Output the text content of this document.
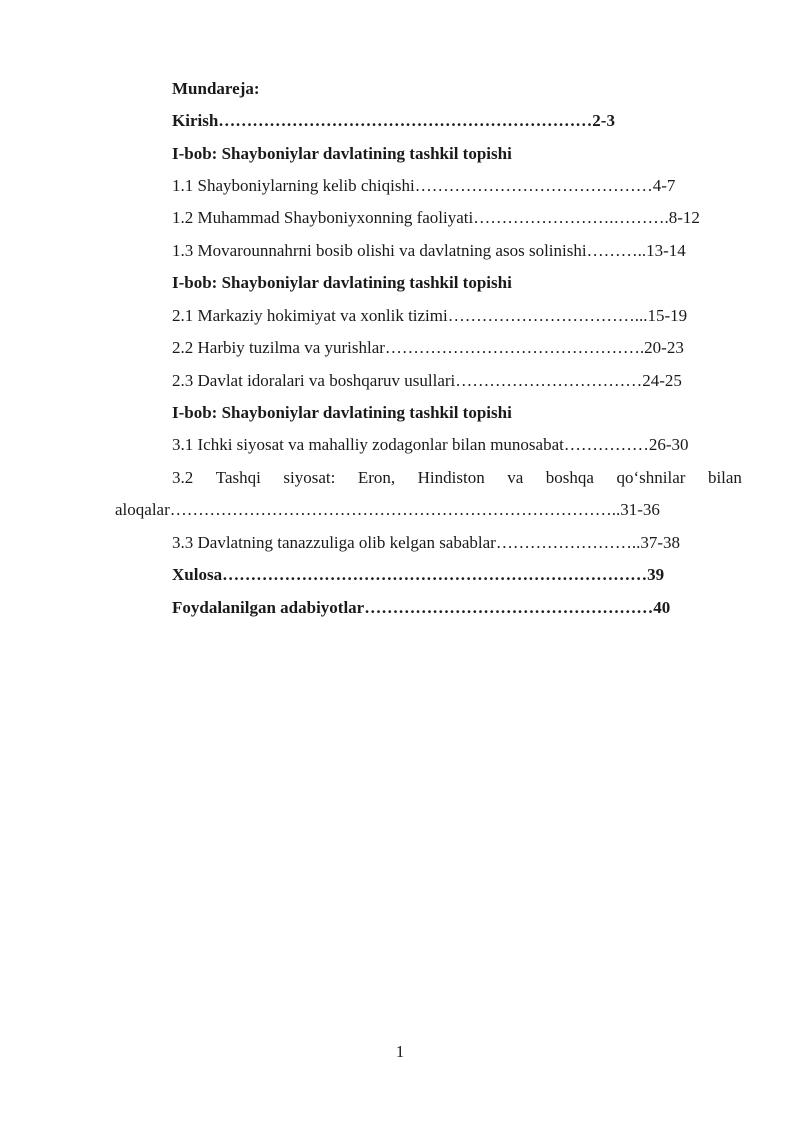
Mundareja:
Kirish…………………………………………………………2-3
I-bob: Shayboniylar davlatining tashkil topishi
1.1 Shayboniylarning kelib chiqishi……………………………………4-7
1.2 Muhammad Shayboniyxonning faoliyati…………………….……….8-12
1.3 Movarounnahrni bosib olishi va davlatning asos solinishi………..13-14
I-bob: Shayboniylar davlatining tashkil topishi
2.1 Markaziy hokimiyat va xonlik tizimi……………………………...15-19
2.2 Harbiy tuzilma va yurishlar……………………………………….20-23
2.3 Davlat idoralari va boshqaruv usullari……………………………24-25
I-bob: Shayboniylar davlatining tashkil topishi
3.1 Ichki siyosat va mahalliy zodagonlar bilan munosabat……………26-30
3.2 Tashqi siyosat: Eron, Hindiston va boshqa qo‘shnilar bilan
aloqalar……………………………………………………………………..31-36
3.3 Davlatning tanazzuliga olib kelgan sabablar……………………..37-38
Xulosa…………………………………………………………………39
Foydalanilgan adabiyotlar……………………………………………40
1
